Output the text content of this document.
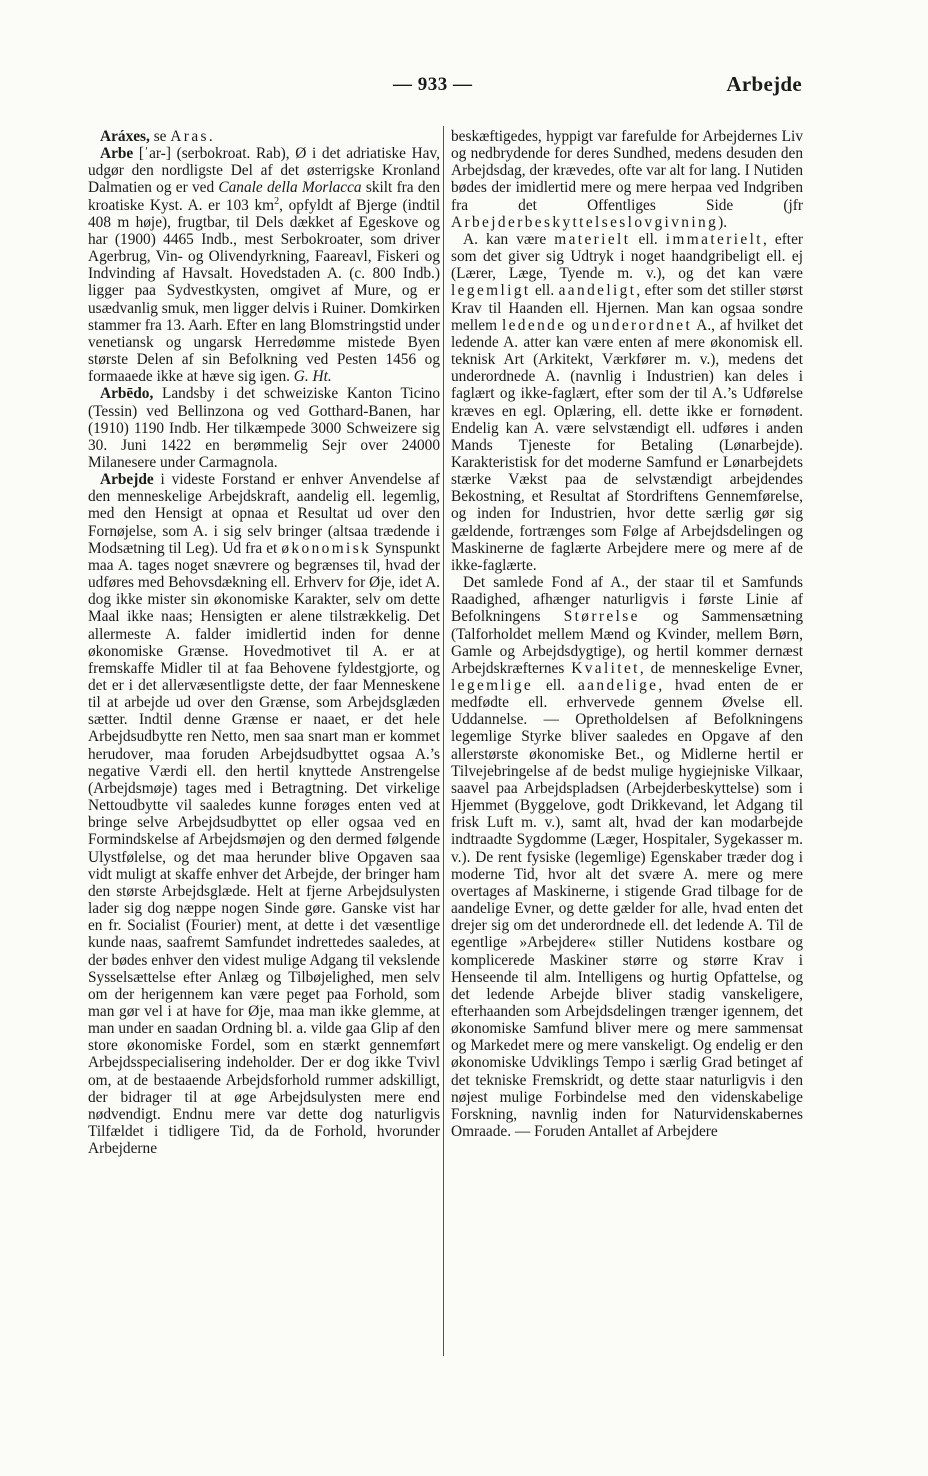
— 933 —	Arbejde

Aráxes, se Aras.

Arbe [ˈar-] (serbokroat. Rab), Ø i det adriatiske Hav, udgør den nordligste Del af det østerrigske Kronland Dalmatien og er ved Canale della Morlacca skilt fra den kroatiske Kyst. A. er 103 $km^2$, opfyldt af Bjerge (indtil 408 m høje), frugtbar, til Dels dækket af Egeskove og har (1900) 4465 Indb., mest Serbokroater, som driver Agerbrug, Vin- og Olivendyrkning, Faareavl, Fiskeri og Indvinding af Havsalt. Hovedstaden A. (c. 800 Indb.) ligger paa Sydvestkysten, omgivet af Mure, og er usædvanlig smuk, men ligger delvis i Ruiner. Domkirken stammer fra 13. Aarh. Efter en lang Blomstringstid under venetiansk og ungarsk Herredømme mistede Byen største Delen af sin Befolkning ved Pesten 1456 og formaaede ikke at hæve sig igen. G. Ht.

Arbēdo, Landsby i det schweiziske Kanton Ticino (Tessin) ved Bellinzona og ved Gotthard-Banen, har (1910) 1190 Indb. Her tilkæmpede 3000 Schweizere sig 30. Juni 1422 en berømmelig Sejr over 24000 Milanesere under Carmagnola.

Arbejde i videste Forstand er enhver Anvendelse af den menneskelige Arbejdskraft, aandelig ell. legemlig, med den Hensigt at opnaa et Resultat ud over den Fornøjelse, som A. i sig selv bringer (altsaa trædende i Modsætning til Leg). Ud fra et økonomisk Synspunkt maa A. tages noget snævrere og begrænses til, hvad der udføres med Behovsdækning ell. Erhverv for Øje, idet A. dog ikke mister sin økonomiske Karakter, selv om dette Maal ikke naas; Hensigten er alene tilstrækkelig. Det allermeste A. falder imidlertid inden for denne økonomiske Grænse. Hovedmotivet til A. er at fremskaffe Midler til at faa Behovene fyldestgjorte, og det er i det allervæsentligste dette, der faar Menneskene til at arbejde ud over den Grænse, som Arbejdsglæden sætter. Indtil denne Grænse er naaet, er det hele Arbejdsudbytte ren Netto, men saa snart man er kommet herudover, maa foruden Arbejdsudbyttet ogsaa A.’s negative Værdi ell. den hertil knyttede Anstrengelse (Arbejdsmøje) tages med i Betragtning. Det virkelige Nettoudbytte vil saaledes kunne forøges enten ved at bringe selve Arbejdsudbyttet op eller ogsaa ved en Formindskelse af Arbejdsmøjen og den dermed følgende Ulystfølelse, og det maa herunder blive Opgaven saa vidt muligt at skaffe enhver det Arbejde, der bringer ham den største Arbejdsglæde. Helt at fjerne Arbejdsulysten lader sig dog næppe nogen Sinde gøre. Ganske vist har en fr. Socialist (Fourier) ment, at dette i det væsentlige kunde naas, saafremt Samfundet indrettedes saaledes, at der bødes enhver den videst mulige Adgang til vekslende Sysselsættelse efter Anlæg og Tilbøjelighed, men selv om der herigennem kan være peget paa Forhold, som man gør vel i at have for Øje, maa man ikke glemme, at man under en saadan Ordning bl. a. vilde gaa Glip af den store økonomiske Fordel, som en stærkt gennemført Arbejdsspecialisering indeholder. Der er dog ikke Tvivl om, at de bestaaende Arbejdsforhold rummer adskilligt, der bidrager til at øge Arbejdsulysten mere end nødvendigt. Endnu mere var dette dog naturligvis Tilfældet i tidligere Tid, da de Forhold, hvorunder Arbejderne

beskæftigedes, hyppigt var farefulde for Arbejdernes Liv og nedbrydende for deres Sundhed, medens desuden den Arbejdsdag, der krævedes, ofte var alt for lang. I Nutiden bødes der imidlertid mere og mere herpaa ved Indgriben fra det Offentliges Side (jfr Arbejderbeskyttelseslovgivning).

A. kan være materielt ell. immaterielt, efter som det giver sig Udtryk i noget haandgribeligt ell. ej (Lærer, Læge, Tyende m. v.), og det kan være legemligt ell. aandeligt, efter som det stiller størst Krav til Haanden ell. Hjernen. Man kan ogsaa sondre mellem ledende og underordnet A., af hvilket det ledende A. atter kan være enten af mere økonomisk ell. teknisk Art (Arkitekt, Værkfører m. v.), medens det underordnede A. (navnlig i Industrien) kan deles i faglært og ikke-faglært, efter som der til A.’s Udførelse kræves en egl. Oplæring, ell. dette ikke er fornødent. Endelig kan A. være selvstændigt ell. udføres i anden Mands Tjeneste for Betaling (Lønarbejde). Karakteristisk for det moderne Samfund er Lønarbejdets stærke Vækst paa de selvstændigt arbejdendes Bekostning, et Resultat af Stordriftens Gennemførelse, og inden for Industrien, hvor dette særlig gør sig gældende, fortrænges som Følge af Arbejdsdelingen og Maskinerne de faglærte Arbejdere mere og mere af de ikke-faglærte.

Det samlede Fond af A., der staar til et Samfunds Raadighed, afhænger naturligvis i første Linie af Befolkningens Størrelse og Sammensætning (Talforholdet mellem Mænd og Kvinder, mellem Børn, Gamle og Arbejdsdygtige), og hertil kommer dernæst Arbejdskræfternes Kvalitet, de menneskelige Evner, legemlige ell. aandelige, hvad enten de er medfødte ell. erhvervede gennem Øvelse ell. Uddannelse. — Opretholdelsen af Befolkningens legemlige Styrke bliver saaledes en Opgave af den allerstørste økonomiske Bet., og Midlerne hertil er Tilvejebringelse af de bedst mulige hygiejniske Vilkaar, saavel paa Arbejdspladsen (Arbejderbeskyttelse) som i Hjemmet (Byggelove, godt Drikkevand, let Adgang til frisk Luft m. v.), samt alt, hvad der kan modarbejde indtraadte Sygdomme (Læger, Hospitaler, Sygekasser m. v.). De rent fysiske (legemlige) Egenskaber træder dog i moderne Tid, hvor alt det svære A. mere og mere overtages af Maskinerne, i stigende Grad tilbage for de aandelige Evner, og dette gælder for alle, hvad enten det drejer sig om det underordnede ell. det ledende A. Til de egentlige »Arbejdere« stiller Nutidens kostbare og komplicerede Maskiner større og større Krav i Henseende til alm. Intelligens og hurtig Opfattelse, og det ledende Arbejde bliver stadig vanskeligere, efterhaanden som Arbejdsdelingen trænger igennem, det økonomiske Samfund bliver mere og mere sammensat og Markedet mere og mere vanskeligt. Og endelig er den økonomiske Udviklings Tempo i særlig Grad betinget af det tekniske Fremskridt, og dette staar naturligvis i den nøjest mulige Forbindelse med den videnskabelige Forskning, navnlig inden for Naturvidenskabernes Omraade. — Foruden Antallet af Arbejdere
